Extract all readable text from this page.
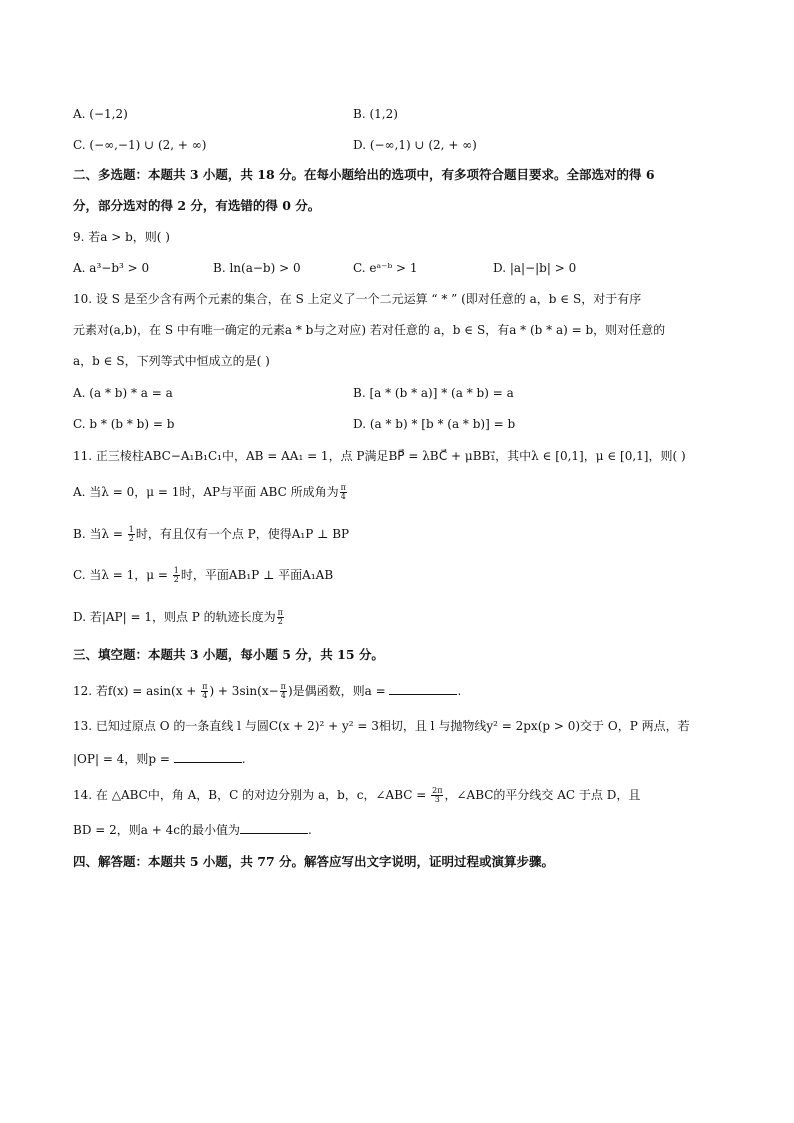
A. (−1,2)	B. (1,2)
C. (−∞,−1) ∪ (2, + ∞)	D. (−∞,1) ∪ (2, + ∞)
二、多选题：本题共 3 小题，共 18 分。在每小题给出的选项中，有多项符合题目要求。全部选对的得 6
分，部分选对的得 2 分，有选错的得 0 分。
9. 若a > b，则( )
A. a³−b³ > 0	B. ln(a−b) > 0	C. eᵃ⁻ᵇ > 1	D. |a|−|b| > 0
10. 设 S 是至少含有两个元素的集合，在 S 上定义了一个二元运算 “ * ” (即对任意的 a，b ∈ S，对于有序
元素对(a,b)，在 S 中有唯一确定的元素a * b与之对应) 若对任意的 a，b ∈ S，有a * (b * a) = b，则对任意的
a，b ∈ S，下列等式中恒成立的是( )
A. (a * b) * a = a	B. [a * (b * a)] * (a * b) = a
C. b * (b * b) = b	D. (a * b) * [b * (a * b)] = b
11. 正三棱柱ABC−A₁B₁C₁中，AB = AA₁ = 1，点 P满足BP⃗ = λBC⃗ + μBB₁⃗，其中λ ∈ [0,1]，μ ∈ [0,1]，则( )
A. 当λ = 0，μ = 1时，AP与平面 ABC 所成角为 $\frac{\pi}{4}$
B. 当$\lambda = \frac{1}{2}$ 时，有且仅有一个点 P，使得A₁P ⊥ BP
C. 当λ = 1，$\mu = \frac{1}{2}$ 时，平面AB₁P ⊥ 平面A₁AB
D. 若|AP| = 1，则点 P 的轨迹长度为 $\frac{\pi}{2}$
三、填空题：本题共 3 小题，每小题 5 分，共 15 分。
12. 若$f(x) = asin(x + \frac{\pi}{4}$ ) + $3\sin(x- \frac{\pi}{4}$ )是偶函数，则a =	.
13. 已知过原点 O 的一条直线 l 与圆C(x + 2)² + y² = 3相切，且 l 与抛物线y² = 2px(p > 0)交于 O，P 两点，若
|OP| = 4，则p =	.
14. 在 △ABC中，角 A，B，C 的对边分别为 a，b，c，∠ABC = $\frac{2\pi}{3}$ ，∠ABC的平分线交 AC 于点 D，且
BD = 2，则a + 4c的最小值为	.
四、解答题：本题共 5 小题，共 77 分。解答应写出文字说明，证明过程或演算步骤。
